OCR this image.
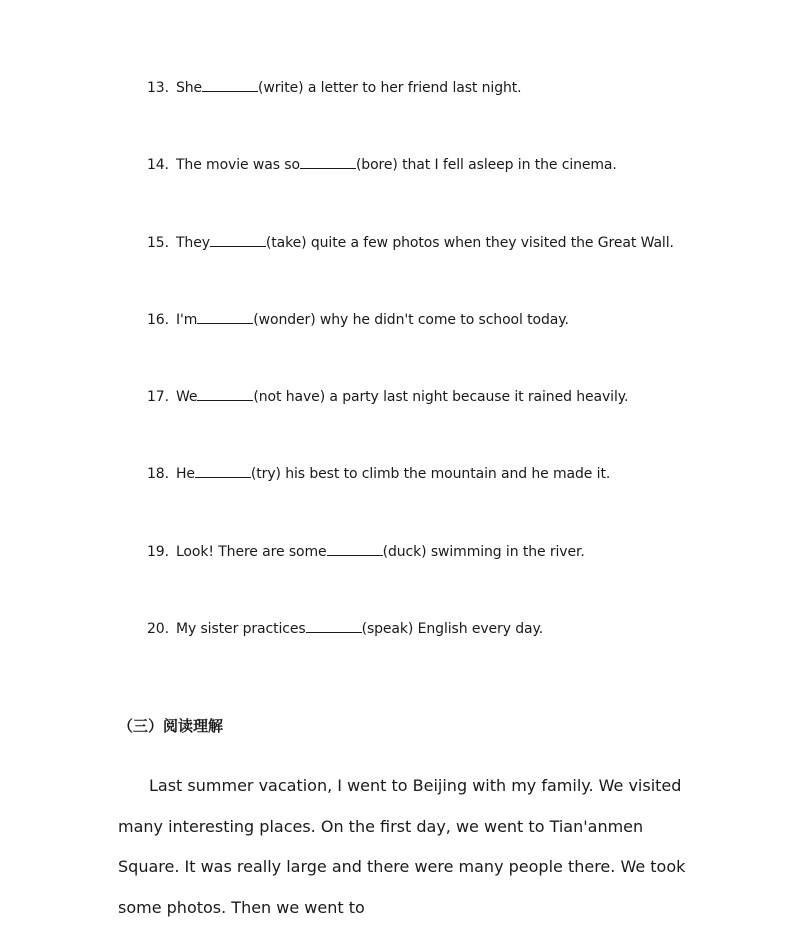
13. She	(write) a letter to her friend last night.
14. The movie was so	(bore) that I fell asleep in the cinema.
15. They	(take) quite a few photos when they visited the Great Wall.
16. I'm	(wonder) why he didn't come to school today.
17. We	(not have) a party last night because it rained heavily.
18. He	(try) his best to climb the mountain and he made it.
19. Look! There are some	(duck) swimming in the river.
20. My sister practices	(speak) English every day.
（三）阅读理解

Last summer vacation, I went to Beijing with my family. We visited many interesting places. On the first day, we went to Tian'anmen Square. It was really large and there were many people there. We took some photos. Then we went to
